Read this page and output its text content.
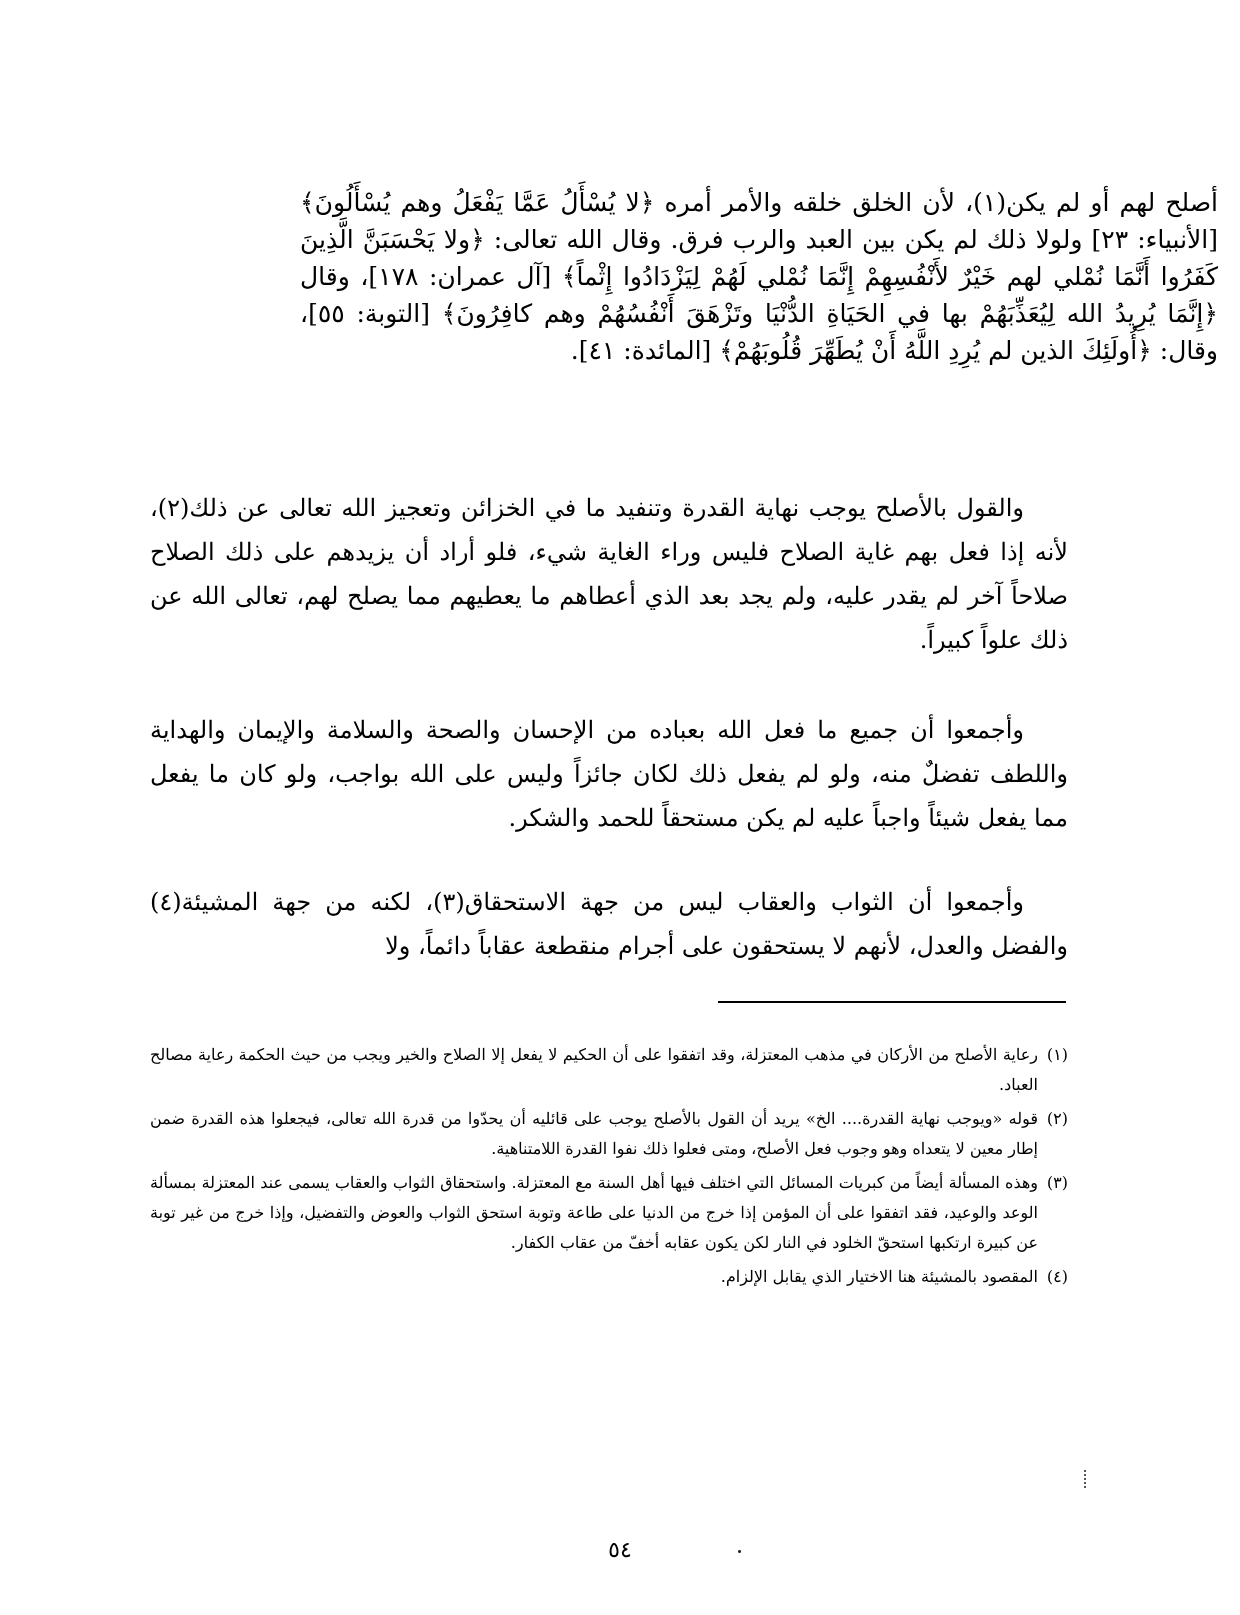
أصلح لهم أو لم يكن(١)، لأن الخلق خلقه والأمر أمره ﴿لا يُسْأَلُ عَمَّا يَفْعَلُ وهم يُسْأَلُونَ﴾ [الأنبياء: ٢٣] ولولا ذلك لم يكن بين العبد والرب فرق. وقال الله تعالى: ﴿ولا يَحْسَبَنَّ الَّذِينَ كَفَرُوا أَنَّمَا نُمْلي لهم خَيْرٌ لأَنْفُسِهِمْ إِنَّمَا نُمْلي لَهُمْ لِيَزْدَادُوا إِثْماً﴾ [آل عمران: ١٧٨]، وقال ﴿إِنَّمَا يُرِيدُ الله لِيُعَذِّبَهُمْ بها في الحَيَاةِ الدُّنْيَا وتَزْهَقَ أَنْفُسُهُمْ وهم كافِرُونَ﴾ [التوبة: ٥٥]، وقال: ﴿أُولَئِكَ الذين لم يُرِدِ اللَّهُ أَنْ يُطَهِّرَ قُلُوبَهُمْ﴾ [المائدة: ٤١].

والقول بالأصلح يوجب نهاية القدرة وتنفيد ما في الخزائن وتعجيز الله تعالى عن ذلك(٢)، لأنه إذا فعل بهم غاية الصلاح فليس وراء الغاية شيء، فلو أراد أن يزيدهم على ذلك الصلاح صلاحاً آخر لم يقدر عليه، ولم يجد بعد الذي أعطاهم ما يعطيهم مما يصلح لهم، تعالى الله عن ذلك علواً كبيراً.

وأجمعوا أن جميع ما فعل الله بعباده من الإحسان والصحة والسلامة والإيمان والهداية واللطف تفضلٌ منه، ولو لم يفعل ذلك لكان جائزاً وليس على الله بواجب، ولو كان ما يفعل مما يفعل شيئاً واجباً عليه لم يكن مستحقاً للحمد والشكر.

وأجمعوا أن الثواب والعقاب ليس من جهة الاستحقاق(٣)، لكنه من جهة المشيئة(٤) والفضل والعدل، لأنهم لا يستحقون على أجرام منقطعة عقاباً دائماً، ولا

(١)
رعاية الأصلح من الأركان في مذهب المعتزلة، وقد اتفقوا على أن الحكيم لا يفعل إلا الصلاح والخير ويجب من حيث الحكمة رعاية مصالح العباد.
(٢)
قوله «ويوجب نهاية القدرة.... الخ» يريد أن القول بالأصلح يوجب على قائليه أن يحدّوا من قدرة الله تعالى، فيجعلوا هذه القدرة ضمن إطار معين لا يتعداه وهو وجوب فعل الأصلح، ومتى فعلوا ذلك نفوا القدرة اللامتناهية.
(٣)
وهذه المسألة أيضاً من كبريات المسائل التي اختلف فيها أهل السنة مع المعتزلة. واستحقاق الثواب والعقاب يسمى عند المعتزلة بمسألة الوعد والوعيد، فقد اتفقوا على أن المؤمن إذا خرج من الدنيا على طاعة وتوبة استحق الثواب والعوض والتفضيل، وإذا خرج من غير توبة عن كبيرة ارتكبها استحقّ الخلود في النار لكن يكون عقابه أخفّ من عقاب الكفار.
(٤)
المقصود بالمشيئة هنا الاختيار الذي يقابل الإلزام.
٥٤
